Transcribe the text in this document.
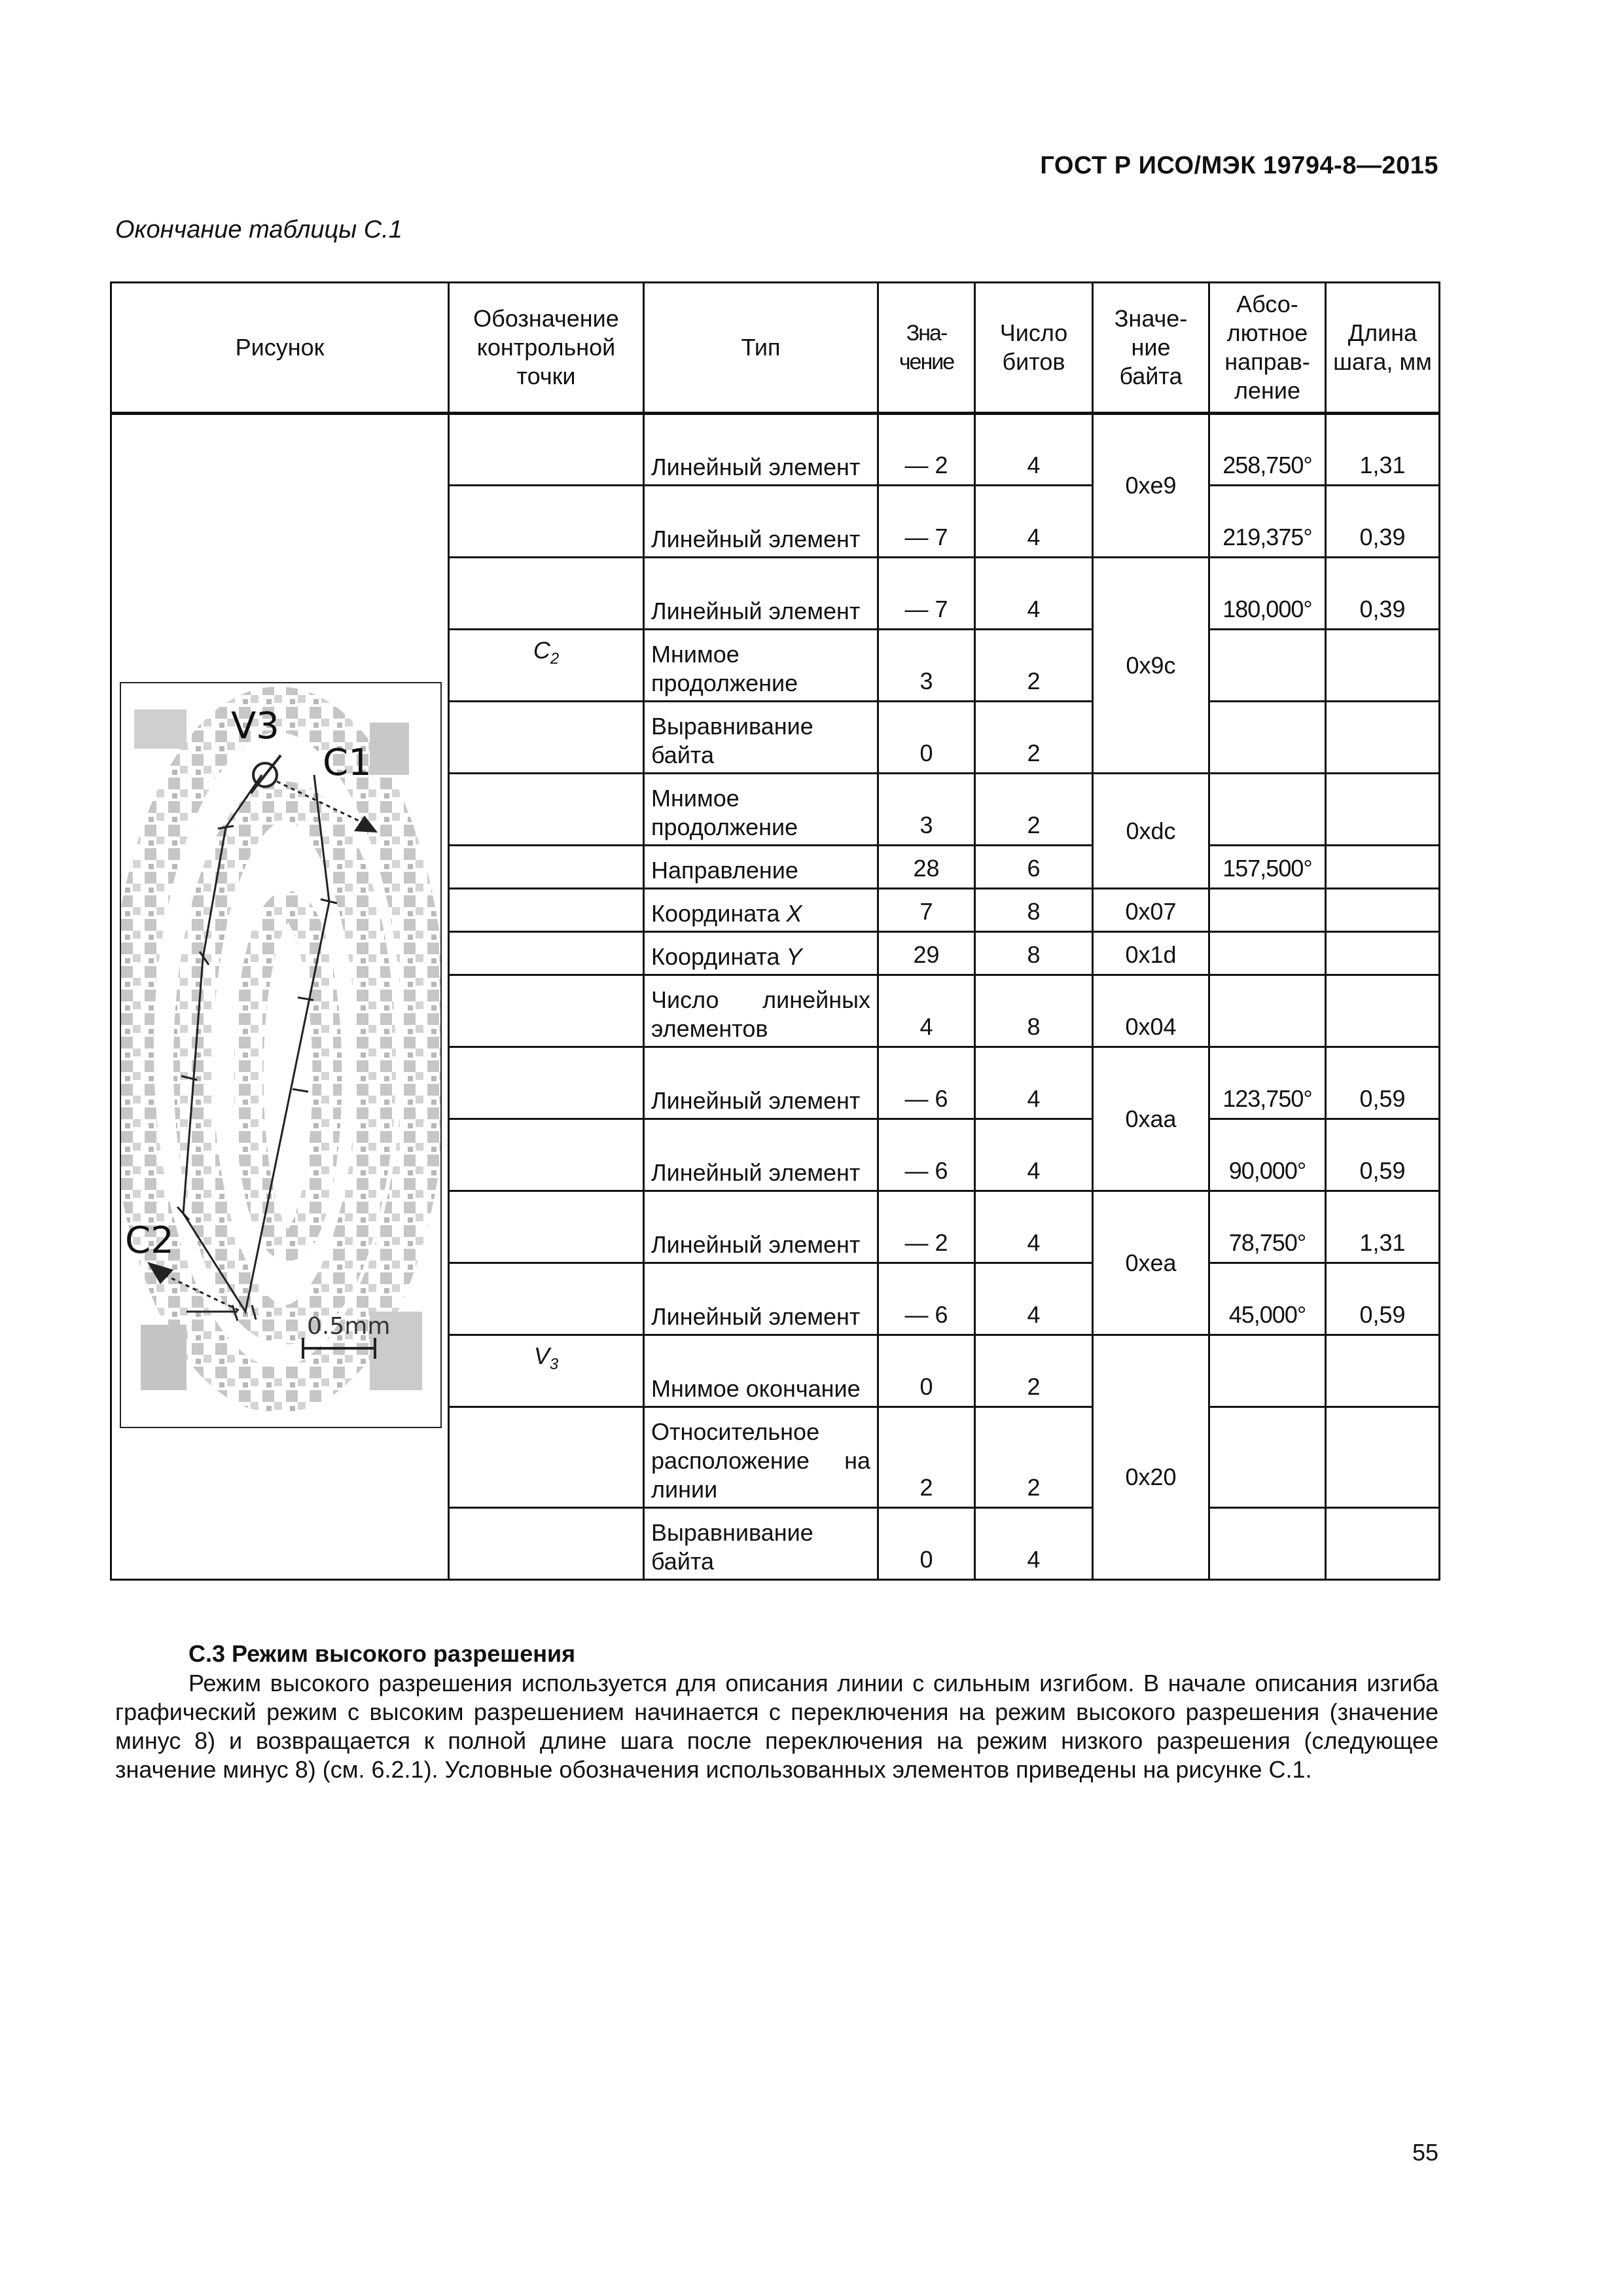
ГОСТ Р ИСО/МЭК 19794-8—2015
Окончание таблицы С.1
Рисунок	Обозначение контрольной точки	Тип	Зна-чение	Число битов	Значе-ние байта	Абсо-лютное направ-ление	Длина шага, мм

0.5mm
V3
C1
C2		Линейный элемент	— 2	4	0xe9	258,750°	1,31
		Линейный элемент	— 7	4		219,375°	0,39
		Линейный элемент	— 7	4	0x9c	180,000°	0,39
	$C_2$	Мнимое продолжение	3	2			
		Выравнивание байта	0	2			
		Мнимое продолжение	3	2	0xdc		
		Направление	28	6		157,500°	
		Координата X	7	8	0x07		
		Координата Y	29	8	0x1d		
		Число линейных элементов	4	8	0x04		
		Линейный элемент	— 6	4	0xaa	123,750°	0,59
		Линейный элемент	— 6	4		90,000°	0,59
		Линейный элемент	— 2	4	0xea	78,750°	1,31
		Линейный элемент	— 6	4		45,000°	0,59
	$V_3$	Мнимое окончание	0	2	0x20		
		Относительное расположение на линии	2	2			
		Выравнивание байта	0	4			
С.3 Режим высокого разрешения
Режим высокого разрешения используется для описания линии с сильным изгибом. В начале описания изгиба графический режим с высоким разрешением начинается с переключения на режим высокого разрешения (значение минус 8) и возвращается к полной длине шага после переключения на режим низкого разрешения (следующее значение минус 8) (см. 6.2.1). Условные обозначения использованных элементов приведены на рисунке С.1.
55
